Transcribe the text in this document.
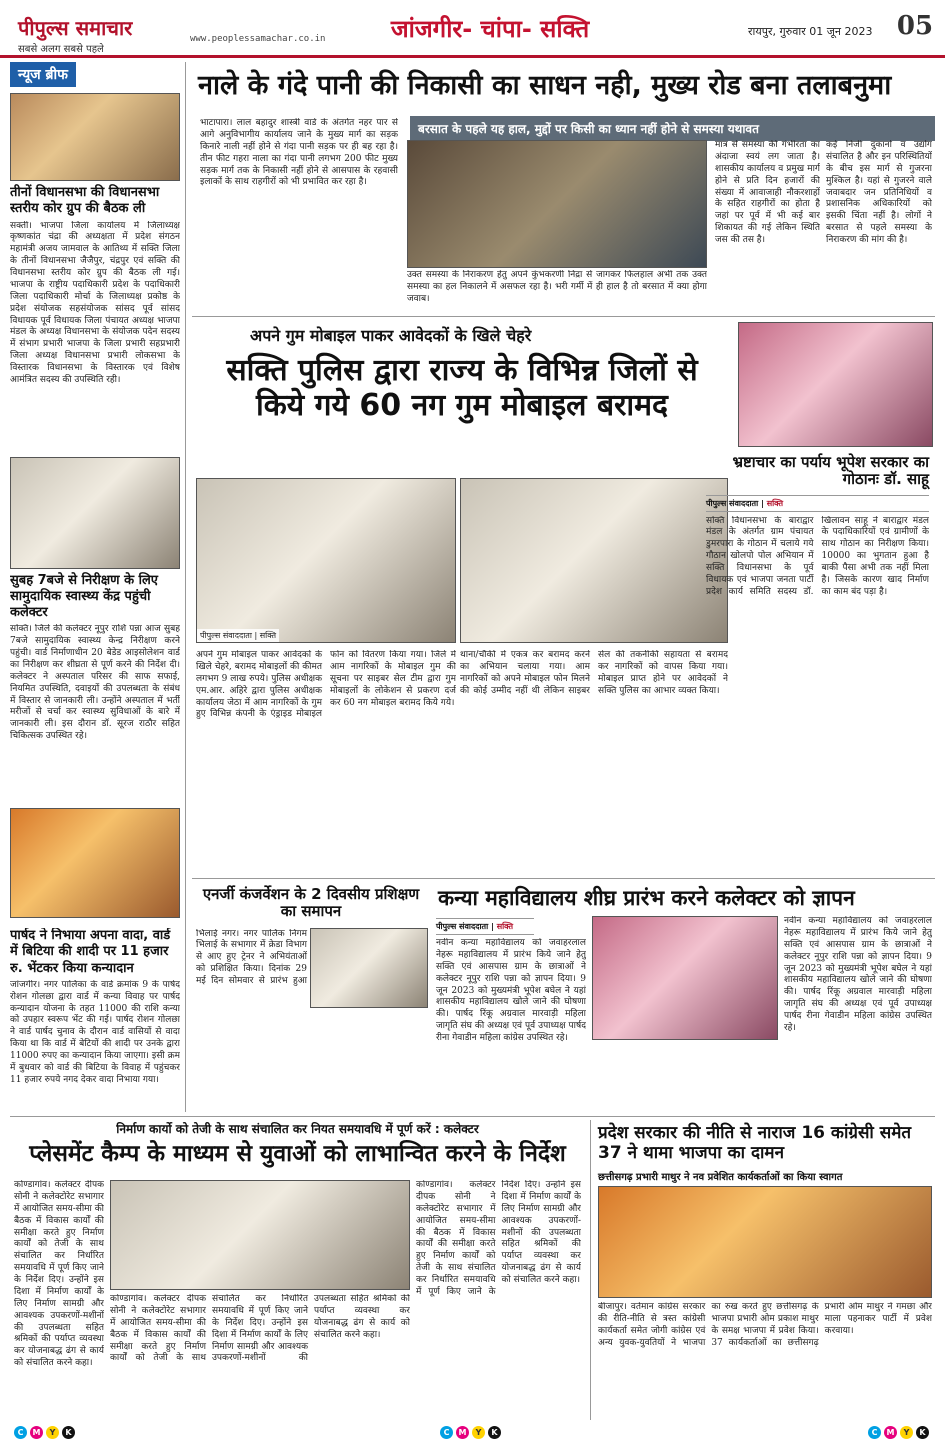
पीपुल्स समाचार
सबसे अलग सबसे पहले
www.peoplessamachar.co.in	जांजगीर- चांपा- सक्ति	रायपुर, गुरुवार 01 जून 2023 05
न्यूज ब्रीफ
तीनों विधानसभा की विधानसभा स्तरीय कोर ग्रुप की बैठक ली

सक्ती। भाजपा जिला कार्यालय में जिलाध्यक्ष कृष्णकांत चंद्रा की अध्यक्षता में प्रदेश संगठन महामंत्री अजय जामवाल के आतिथ्य में सक्ति जिला के तीनों विधानसभा जैजैपुर, चंद्रपुर एवं सक्ति की विधानसभा स्तरीय कोर ग्रुप की बैठक ली गई। भाजपा के राष्ट्रीय पदाधिकारी प्रदेश के पदाधिकारी जिला पदाधिकारी मोर्चा के जिलाध्यक्ष प्रकोष्ठ के प्रदेश संयोजक सहसंयोजक सांसद पूर्व सांसद विधायक पूर्व विधायक जिला पंचायत अध्यक्ष भाजपा मंडल के अध्यक्ष विधानसभा के संयोजक पदेन सदस्य में संभाग प्रभारी भाजपा के जिला प्रभारी सहप्रभारी जिला अध्यक्ष विधानसभा प्रभारी लोकसभा के विस्तारक विधानसभा के विस्तारक एवं विशेष आमंत्रित सदस्य की उपस्थिति रही।

सुबह 7बजे से निरीक्षण के लिए सामुदायिक स्वास्थ्य केंद्र पहुंची कलेक्टर

सक्ति। जिले की कलेक्टर नूपुर राशि पन्ना आज सुबह 7बजे सामुदायिक स्वास्थ्य केन्द्र निरीक्षण करने पहुंची। वार्ड निर्माणाधीन 20 बेडेड आइसोलेशन वार्ड का निरीक्षण कर शीघ्रता से पूर्ण करने की निर्देश दी। कलेक्टर ने अस्पताल परिसर की साफ सफाई, नियमित उपस्थिति, दवाइयों की उपलब्धता के संबंध में विस्तार से जानकारी ली। उन्होंने अस्पताल में भर्ती मरीजों से चर्चा कर स्वास्थ्य सुविधाओं के बारे में जानकारी ली। इस दौरान डॉ. सूरज राठौर सहित चिकित्सक उपस्थित रहे।

पार्षद ने निभाया अपना वादा, वार्ड में बिटिया की शादी पर 11 हजार रु. भेंटकर किया कन्यादान

जांजगीर। नगर पालिका के वार्ड क्रमांक 9 के पार्षद रोशन गोलछा द्वारा वार्ड में कन्या विवाह पर पार्षद कन्यादान योजना के तहत 11000 की राशि कन्या को उपहार स्वरूप भेंट की गई। पार्षद रोशन गोलछा ने वार्ड पार्षद चुनाव के दौरान वार्ड वासियों से वादा किया था कि वार्ड में बेटियों की शादी पर उनके द्वारा 11000 रुपए का कन्यादान किया जाएगा। इसी क्रम में बुधवार को वार्ड की बिटिया के विवाह में पहुंचकर 11 हजार रुपये नगद देकर वादा निभाया गया।

नाले के गंदे पानी की निकासी का साधन नही, मुख्य रोड बना तलाबनुमा
बरसात के पहले यह हाल, मुद्दों पर किसी का ध्यान नहीं होने से समस्या यथावत

भाटापारा। लाल बहादुर शास्त्री वार्ड के अंतर्गत नहर पार से आगे अनुविभागीय कार्यालय जाने के मुख्य मार्ग का सड़क किनारे नाली नहीं होने से गंदा पानी सड़क पर ही बह रहा है। तीन फीट गहरा नाला का गंदा पानी लगभग 200 फीट मुख्य सड़क मार्ग तक के निकासी नहीं होने से आसपास के रहवासी इलाकों के साथ राहगीरों को भी प्रभावित कर रहा है।

उक्त समस्या के निराकरण हेतु अपने कुंभकरणी निद्रा से जागकर फिलहाल अभी तक उक्त समस्या का हल निकालने में असफल रहा है। भरी गर्मी में ही हाल है तो बरसात में क्या होगा जवाब।

मात्र से समस्या की गंभीरता का अंदाजा स्वयं लग जाता है। शासकीय कार्यालय व प्रमुख मार्ग होने से प्रति दिन हजारों की संख्या में आवाजाही नौकरशाहों के सहित राहगीरों का होता है जहां पर पूर्व में भी कई बार शिकायत की गई लेकिन स्थिति जस की तस है।

कई निजी दुकानों व उद्योग संचालित है और इन परिस्थितियों के बीच इस मार्ग से गुजरना मुश्किल है। यहां से गुजरने वाले जवाबदार जन प्रतिनिधियों व प्रशासनिक अधिकारियों को इसकी चिंता नहीं है। लोगों ने बरसात से पहले समस्या के निराकरण की मांग की है।

अपने गुम मोबाइल पाकर आवेदकों के खिले चेहरे
सक्ति पुलिस द्वारा राज्य के विभिन्न जिलों से किये गये 60 नग गुम मोबाइल बरामद
पीपुल्स संवाददाता | सक्ति

अपने गुम मोबाइल पाकर आवेदकों के खिले चेहरे, बरामद मोबाइलों की कीमत लगभग 9 लाख रुपये। पुलिस अधीक्षक एम.आर. अहिरे द्वारा पुलिस अधीक्षक कार्यालय जेठा में आम नागरिकों के गुम हुए विभिन्न कंपनी के एंड्राइड मोबाइल फोन को वितरण किया गया। जिले में आम नागरिकों के मोबाइल गुम की सूचना पर साइबर सेल टीम द्वारा गुम मोबाइलों के लोकेशन से प्रकरण दर्ज कर 60 नग मोबाइल बरामद किये गये।

थाना/चौकी में एकत्र कर बरामद करने का अभियान चलाया गया। आम नागरिकों को अपने मोबाइल फोन मिलने की कोई उम्मीद नहीं थी लेकिन साइबर सेल की तकनीकी सहायता से बरामद कर नागरिकों को वापस किया गया। मोबाइल प्राप्त होने पर आवेदकों ने सक्ति पुलिस का आभार व्यक्त किया।

भ्रष्टाचार का पर्याय भूपेश सरकार का गोठानः डॉ. साहू
पीपुल्स संवाददाता | सक्ति

सक्ति विधानसभा के बाराद्वार मंडल के अंतर्गत ग्राम पंचायत डुमरपारा के गोठान में चलाये गये गौठान खोलपो पोल अभियान में सक्ति विधानसभा के पूर्व विधायक एवं भाजपा जनता पार्टी प्रदेश कार्य समिति सदस्य डॉ. खिलावन साहू ने बाराद्वार मंडल के पदाधिकारियों एवं ग्रामीणों के साथ गोठान का निरीक्षण किया। 10000 का भुगतान हुआ है बाकी पैसा अभी तक नहीं मिला है। जिसके कारण खाद निर्माण का काम बंद पड़ा है।

एनर्जी कंजर्वेशन के 2 दिवसीय प्रशिक्षण का समापन

भिलाई नगर। नगर पालिक निगम भिलाई के सभागार में क्रेडा विभाग से आए हुए ट्रेनर ने अभियंताओं को प्रशिक्षित किया। दिनांक 29 मई दिन सोमवार से प्रारंभ हुआ

कन्या महाविद्यालय शीघ्र प्रारंभ करने कलेक्टर को ज्ञापन
पीपुल्स संवाददाता | सक्ति

नवीन कन्या महाविद्यालय को जवाहरलाल नेहरू महाविद्यालय में प्रारंभ किये जाने हेतु सक्ति एवं आसपास ग्राम के छात्राओं ने कलेक्टर नूपुर राशि पन्ना को ज्ञापन दिया। 9 जून 2023 को मुख्यमंत्री भूपेश बघेल ने यहां शासकीय महाविद्यालय खोले जाने की घोषणा की। पार्षद रिंकू अग्रवाल मारवाड़ी महिला जागृति संघ की अध्यक्ष एवं पूर्व उपाध्यक्ष पार्षद रीना गेवाडीन महिला कांग्रेस उपस्थित रहे।

नवीन कन्या महाविद्यालय को जवाहरलाल नेहरू महाविद्यालय में प्रारंभ किये जाने हेतु सक्ति एवं आसपास ग्राम के छात्राओं ने कलेक्टर नूपुर राशि पन्ना को ज्ञापन दिया। 9 जून 2023 को मुख्यमंत्री भूपेश बघेल ने यहां शासकीय महाविद्यालय खोले जाने की घोषणा की। पार्षद रिंकू अग्रवाल मारवाड़ी महिला जागृति संघ की अध्यक्ष एवं पूर्व उपाध्यक्ष पार्षद रीना गेवाडीन महिला कांग्रेस उपस्थित रहे।

निर्माण कार्यो को तेजी के साथ संचालित कर नियत समयावधि में पूर्ण करें : कलेक्टर
प्लेसमेंट कैम्प के माध्यम से युवाओं को लाभान्वित करने के निर्देश

कोण्डागांव। कलेक्टर दीपक सोनी ने कलेक्टोरेट सभागार में आयोजित समय-सीमा की बैठक में विकास कार्यों की समीक्षा करते हुए निर्माण कार्यों को तेजी के साथ संचालित कर निर्धारित समयावधि में पूर्ण किए जाने के निर्देश दिए। उन्होंने इस दिशा में निर्माण कार्यों के लिए निर्माण सामग्री और आवश्यक उपकरणों-मशीनों की उपलब्धता सहित श्रमिकों की पर्याप्त व्यवस्था कर योजनाबद्ध ढंग से कार्य को संचालित करने कहा।

कोण्डागांव। कलेक्टर दीपक सोनी ने कलेक्टोरेट सभागार में आयोजित समय-सीमा की बैठक में विकास कार्यों की समीक्षा करते हुए निर्माण कार्यों को तेजी के साथ संचालित कर निर्धारित समयावधि में पूर्ण किए जाने के निर्देश दिए। उन्होंने इस दिशा में निर्माण कार्यों के लिए निर्माण सामग्री और आवश्यक उपकरणों-मशीनों की उपलब्धता सहित श्रमिकों की पर्याप्त व्यवस्था कर योजनाबद्ध ढंग से कार्य को संचालित करने कहा।

कोण्डागांव। कलेक्टर दीपक सोनी ने कलेक्टोरेट सभागार में आयोजित समय-सीमा की बैठक में विकास कार्यों की समीक्षा करते हुए निर्माण कार्यों को तेजी के साथ संचालित कर निर्धारित समयावधि में पूर्ण किए जाने के निर्देश दिए। उन्होंने इस दिशा में निर्माण कार्यों के लिए निर्माण सामग्री और आवश्यक उपकरणों-मशीनों की उपलब्धता सहित श्रमिकों की पर्याप्त व्यवस्था कर योजनाबद्ध ढंग से कार्य को संचालित करने कहा।

प्रदेश सरकार की नीति से नाराज 16 कांग्रेसी समेत 37 ने थामा भाजपा का दामन
छत्तीसगढ़ प्रभारी माथुर ने नव प्रवेशित कार्यकर्ताओं का किया स्वागत

बीजापुर। वर्तमान कांग्रेस सरकार की रीति-नीति से त्रस्त कांग्रेसी कार्यकर्ता समेत जोगी कांग्रेस एवं अन्य युवक-युवतियों ने भाजपा का रुख करते हुए छत्तीसगढ़ के भाजपा प्रभारी ओम प्रकाश माथुर के समक्ष भाजपा में प्रवेश किया। 37 कार्यकर्ताओं का छत्तीसगढ़ प्रभारी ओम माथुर ने गमछा और माला पहनाकर पार्टी में प्रवेश करवाया।

C	M	Y	K	C	M	Y	K	C	M	Y	K
